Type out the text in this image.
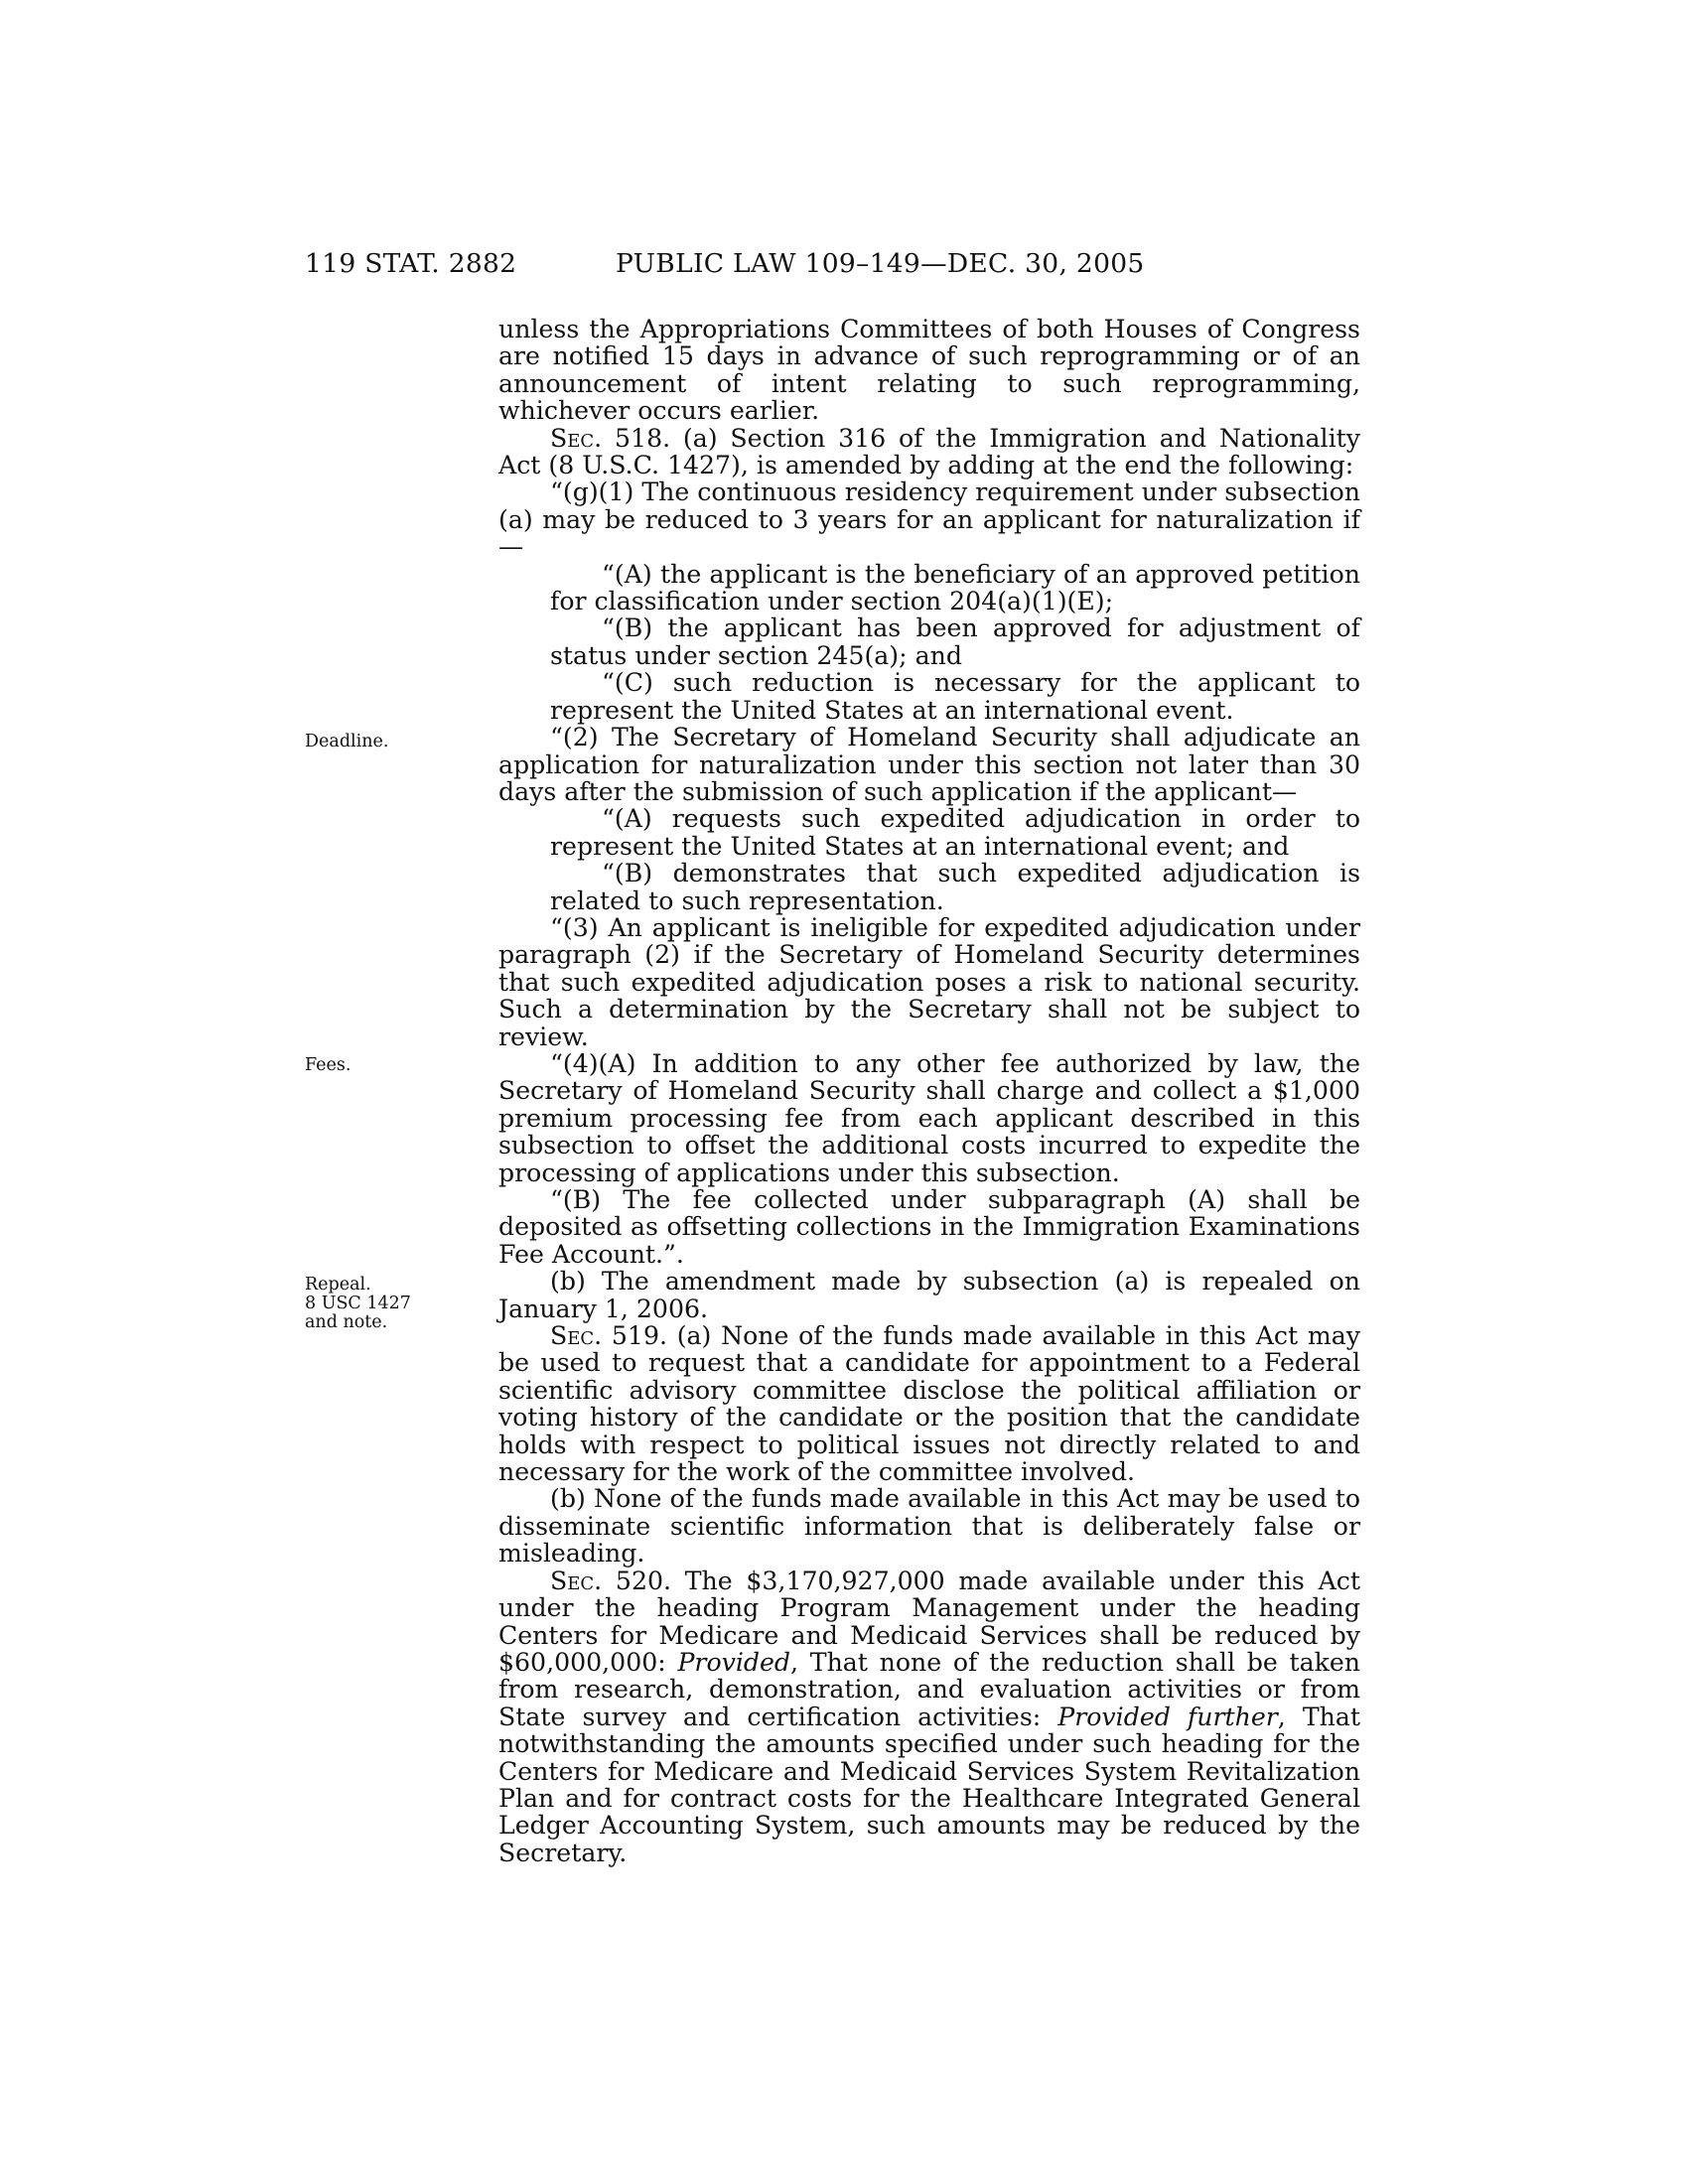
119 STAT. 2882	PUBLIC LAW 109–149—DEC. 30, 2005
Deadline.
Fees.
Repeal.
8 USC 1427
and note.

unless the Appropriations Committees of both Houses of Congress are notified 15 days in advance of such reprogramming or of an announcement of intent relating to such reprogramming, whichever occurs earlier.

Sec. 518. (a) Section 316 of the Immigration and Nationality Act (8 U.S.C. 1427), is amended by adding at the end the following:

“(g)(1) The continuous residency requirement under subsection (a) may be reduced to 3 years for an applicant for naturalization if—

“(A) the applicant is the beneficiary of an approved petition for classification under section 204(a)(1)(E);

“(B) the applicant has been approved for adjustment of status under section 245(a); and

“(C) such reduction is necessary for the applicant to represent the United States at an international event.

“(2) The Secretary of Homeland Security shall adjudicate an application for naturalization under this section not later than 30 days after the submission of such application if the applicant—

“(A) requests such expedited adjudication in order to represent the United States at an international event; and

“(B) demonstrates that such expedited adjudication is related to such representation.

“(3) An applicant is ineligible for expedited adjudication under paragraph (2) if the Secretary of Homeland Security determines that such expedited adjudication poses a risk to national security. Such a determination by the Secretary shall not be subject to review.

“(4)(A) In addition to any other fee authorized by law, the Secretary of Homeland Security shall charge and collect a $1,000 premium processing fee from each applicant described in this subsection to offset the additional costs incurred to expedite the processing of applications under this subsection.

“(B) The fee collected under subparagraph (A) shall be deposited as offsetting collections in the Immigration Examinations Fee Account.”.

(b) The amendment made by subsection (a) is repealed on January 1, 2006.

Sec. 519. (a) None of the funds made available in this Act may be used to request that a candidate for appointment to a Federal scientific advisory committee disclose the political affiliation or voting history of the candidate or the position that the candidate holds with respect to political issues not directly related to and necessary for the work of the committee involved.

(b) None of the funds made available in this Act may be used to disseminate scientific information that is deliberately false or misleading.

Sec. 520. The $3,170,927,000 made available under this Act under the heading Program Management under the heading Centers for Medicare and Medicaid Services shall be reduced by $60,000,000: Provided, That none of the reduction shall be taken from research, demonstration, and evaluation activities or from State survey and certification activities: Provided further, That notwithstanding the amounts specified under such heading for the Centers for Medicare and Medicaid Services System Revitalization Plan and for contract costs for the Healthcare Integrated General Ledger Accounting System, such amounts may be reduced by the Secretary.
